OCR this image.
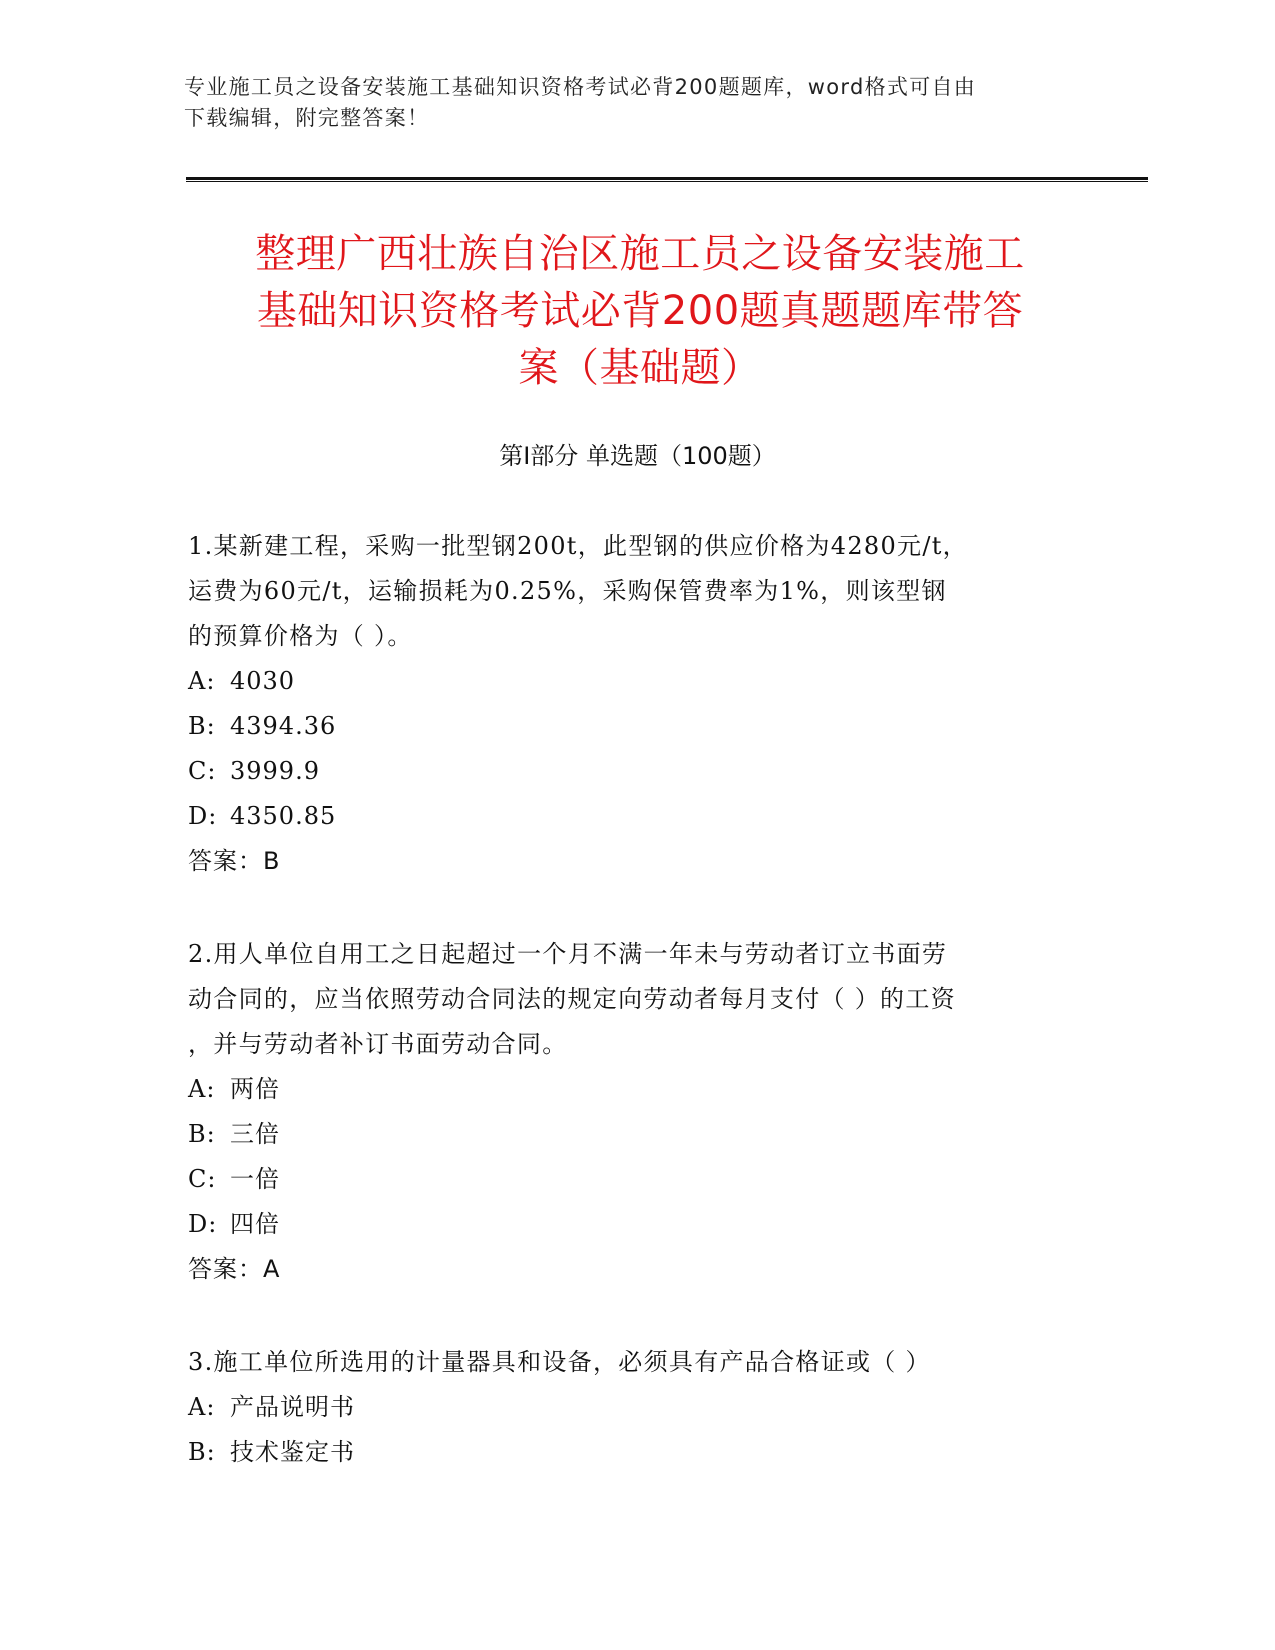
专业施工员之设备安装施工基础知识资格考试必背200题题库，word格式可自由
下载编辑，附完整答案！
整理广西壮族自治区施工员之设备安装施工
基础知识资格考试必背200题真题题库带答
案（基础题）
第I部分 单选题（100题）
1.某新建工程，采购一批型钢200t，此型钢的供应价格为4280元/t，
运费为60元/t，运输损耗为0.25%，采购保管费率为1%，则该型钢
的预算价格为（ ）。
A: 4030
B: 4394.36
C: 3999.9
D: 4350.85
答案：B
2.用人单位自用工之日起超过一个月不满一年未与劳动者订立书面劳
动合同的，应当依照劳动合同法的规定向劳动者每月支付（ ）的工资
，并与劳动者补订书面劳动合同。
A: 两倍
B: 三倍
C: 一倍
D: 四倍
答案：A
3.施工单位所选用的计量器具和设备，必须具有产品合格证或（ ）
A: 产品说明书
B: 技术鉴定书
